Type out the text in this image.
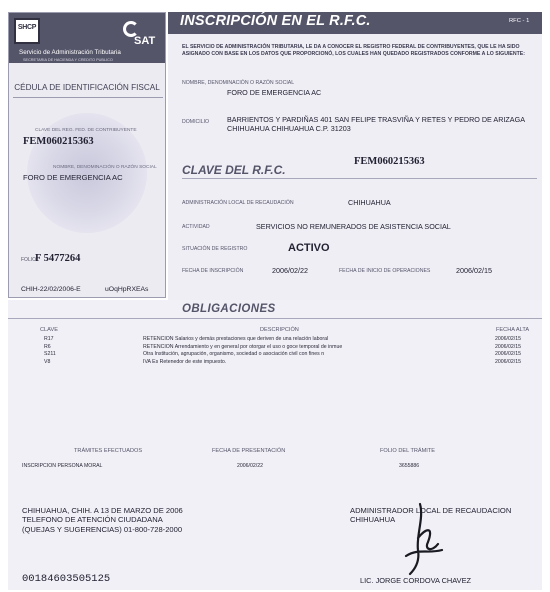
SHCP
SAT
Servicio de Administración Tributaria
SECRETARIA DE HACIENDA Y CREDITO PUBLICO
CÉDULA DE IDENTIFICACIÓN FISCAL
CLAVE DEL REG. FED. DE CONTRIBUYENTE
FEM060215363
NOMBRE, DENOMINACIÓN O RAZÓN SOCIAL
FORO DE EMERGENCIA AC
FOLIO
F 5477264
CHIH-22/02/2006-E	uOqHpRXEAs
INSCRIPCIÓN EN EL R.F.C.	RFC - 1
EL SERVICIO DE ADMINISTRACIÓN TRIBUTARIA, LE DA A CONOCER EL REGISTRO FEDERAL DE CONTRIBUYENTES, QUE LE HA SIDO ASIGNADO CON BASE EN LOS DATOS QUE PROPORCIONÓ, LOS CUALES HAN QUEDADO REGISTRADOS CONFORME A LO SIGUIENTE:
NOMBRE, DENOMINACIÓN O RAZÓN SOCIAL
FORO DE EMERGENCIA AC
DOMICILIO BARRIENTOS Y PARDIÑAS 401 SAN FELIPE TRASVIÑA Y RETES Y PEDRO DE ARIZAGA CHIHUAHUA CHIHUAHUA C.P. 31203
CLAVE DEL R.F.C.
FEM060215363
ADMINISTRACIÓN LOCAL DE RECAUDACIÓN	CHIHUAHUA
ACTIVIDAD	SERVICIOS NO REMUNERADOS DE ASISTENCIA SOCIAL
SITUACIÓN DE REGISTRO	ACTIVO
FECHA DE INSCRIPCIÓN	2006/02/22	FECHA DE INICIO DE OPERACIONES	2006/02/15
OBLIGACIONES
CLAVE	DESCRIPCIÓN	FECHA ALTA
R17	RETENCION Salarios y demás prestaciones que deriven de una relación laboral	2006/02/15
R6	RETENCION Arrendamiento y en general por otorgar el uso o goce temporal de inmue	2006/02/15
S211	Otra Institución, agrupación, organismo, sociedad o asociación civil con fines n	2006/02/15
V8	IVA Es Retenedor de este impuesto.	2006/02/15
TRÁMITES EFECTUADOS	FECHA DE PRESENTACIÓN	FOLIO DEL TRÁMITE
INSCRIPCION PERSONA MORAL	2006/02/22	3655886
CHIHUAHUA, CHIH. A 13 DE MARZO DE 2006
TELEFONO DE ATENCIÓN CIUDADANA
(QUEJAS Y SUGERENCIAS) 01-800-728-2000
ADMINISTRADOR LOCAL DE RECAUDACION
CHIHUAHUA
00184603505125	LIC. JORGE CORDOVA CHAVEZ
